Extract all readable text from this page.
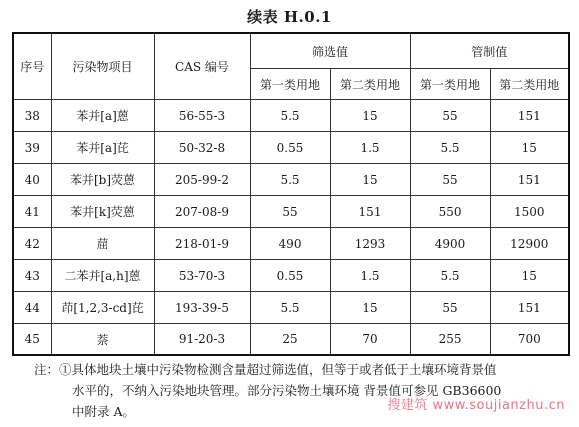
续表 H.0.1
序号	污染物项目	CAS 编号	筛选值		管制值	
			第一类用地	第二类用地	第一类用地	第二类用地
38	苯并[a]蒽	56-55-3	5.5	15	55	151
39	苯并[a]芘	50-32-8	0.55	1.5	5.5	15
40	苯并[b]荧蒽	205-99-2	5.5	15	55	151
41	苯并[k]荧蒽	207-08-9	55	151	550	1500
42	䓛	218-01-9	490	1293	4900	12900
43	二苯并[a,h]蒽	53-70-3	0.55	1.5	5.5	15
44	茚[1,2,3-cd]芘	193-39-5	5.5	15	55	151
45	萘	91-20-3	25	70	255	700
注：①具体地块土壤中污染物检测含量超过筛选值，但等于或者低于土壤环境背景值
水平的，不纳入污染地块管理。部分污染物土壤环境 背景值可参见 GB36600
中附录 A。	搜建筑 www.soujianzhu.cn
